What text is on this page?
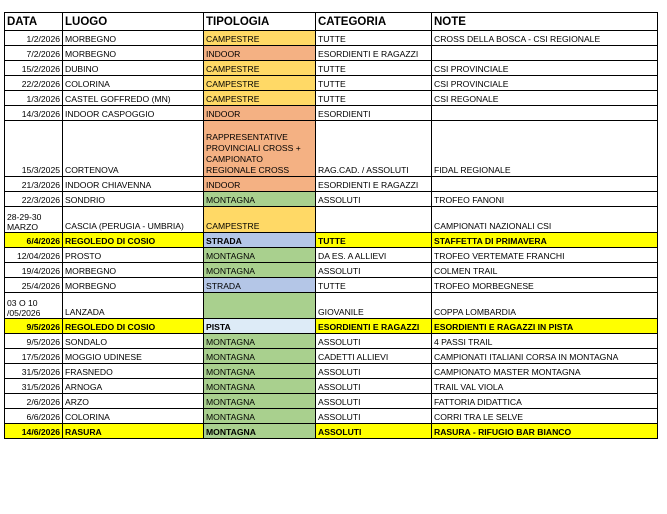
DATA	LUOGO	TIPOLOGIA	CATEGORIA	NOTE
1/2/2026	MORBEGNO	CAMPESTRE	TUTTE	CROSS DELLA BOSCA - CSI REGIONALE
7/2/2026	MORBEGNO	INDOOR	ESORDIENTI E RAGAZZI	
15/2/2026	DUBINO	CAMPESTRE	TUTTE	CSI PROVINCIALE
22/2/2026	COLORINA	CAMPESTRE	TUTTE	CSI PROVINCIALE
1/3/2026	CASTEL GOFFREDO (MN)	CAMPESTRE	TUTTE	CSI REGONALE
14/3/2026	INDOOR CASPOGGIO	INDOOR	ESORDIENTI	
15/3/2025	CORTENOVA	RAPPRESENTATIVE PROVINCIALI CROSS + CAMPIONATO REGIONALE CROSS	RAG.CAD. / ASSOLUTI	FIDAL REGIONALE
21/3/2026	INDOOR CHIAVENNA	INDOOR	ESORDIENTI E RAGAZZI	
22/3/2026	SONDRIO	MONTAGNA	ASSOLUTI	TROFEO FANONI
28-29-30 MARZO	CASCIA (PERUGIA - UMBRIA)	CAMPESTRE		CAMPIONATI NAZIONALI CSI
6/4/2026	REGOLEDO DI COSIO	STRADA	TUTTE	STAFFETTA DI PRIMAVERA
12/04/2026	PROSTO	MONTAGNA	DA ES. A ALLIEVI	TROFEO VERTEMATE FRANCHI
19/4/2026	MORBEGNO	MONTAGNA	ASSOLUTI	COLMEN TRAIL
25/4/2026	MORBEGNO	STRADA	TUTTE	TROFEO MORBEGNESE
03 O 10 /05/2026	LANZADA		GIOVANILE	COPPA LOMBARDIA
9/5/2026	REGOLEDO DI COSIO	PISTA	ESORDIENTI E RAGAZZI	ESORDIENTI E RAGAZZI IN PISTA
9/5/2026	SONDALO	MONTAGNA	ASSOLUTI	4 PASSI TRAIL
17/5/2026	MOGGIO UDINESE	MONTAGNA	CADETTI ALLIEVI	CAMPIONATI ITALIANI CORSA IN MONTAGNA
31/5/2026	FRASNEDO	MONTAGNA	ASSOLUTI	CAMPIONATO MASTER MONTAGNA
31/5/2026	ARNOGA	MONTAGNA	ASSOLUTI	TRAIL VAL VIOLA
2/6/2026	ARZO	MONTAGNA	ASSOLUTI	FATTORIA DIDATTICA
6/6/2026	COLORINA	MONTAGNA	ASSOLUTI	CORRI TRA LE SELVE
14/6/2026	RASURA	MONTAGNA	ASSOLUTI	RASURA - RIFUGIO BAR BIANCO
